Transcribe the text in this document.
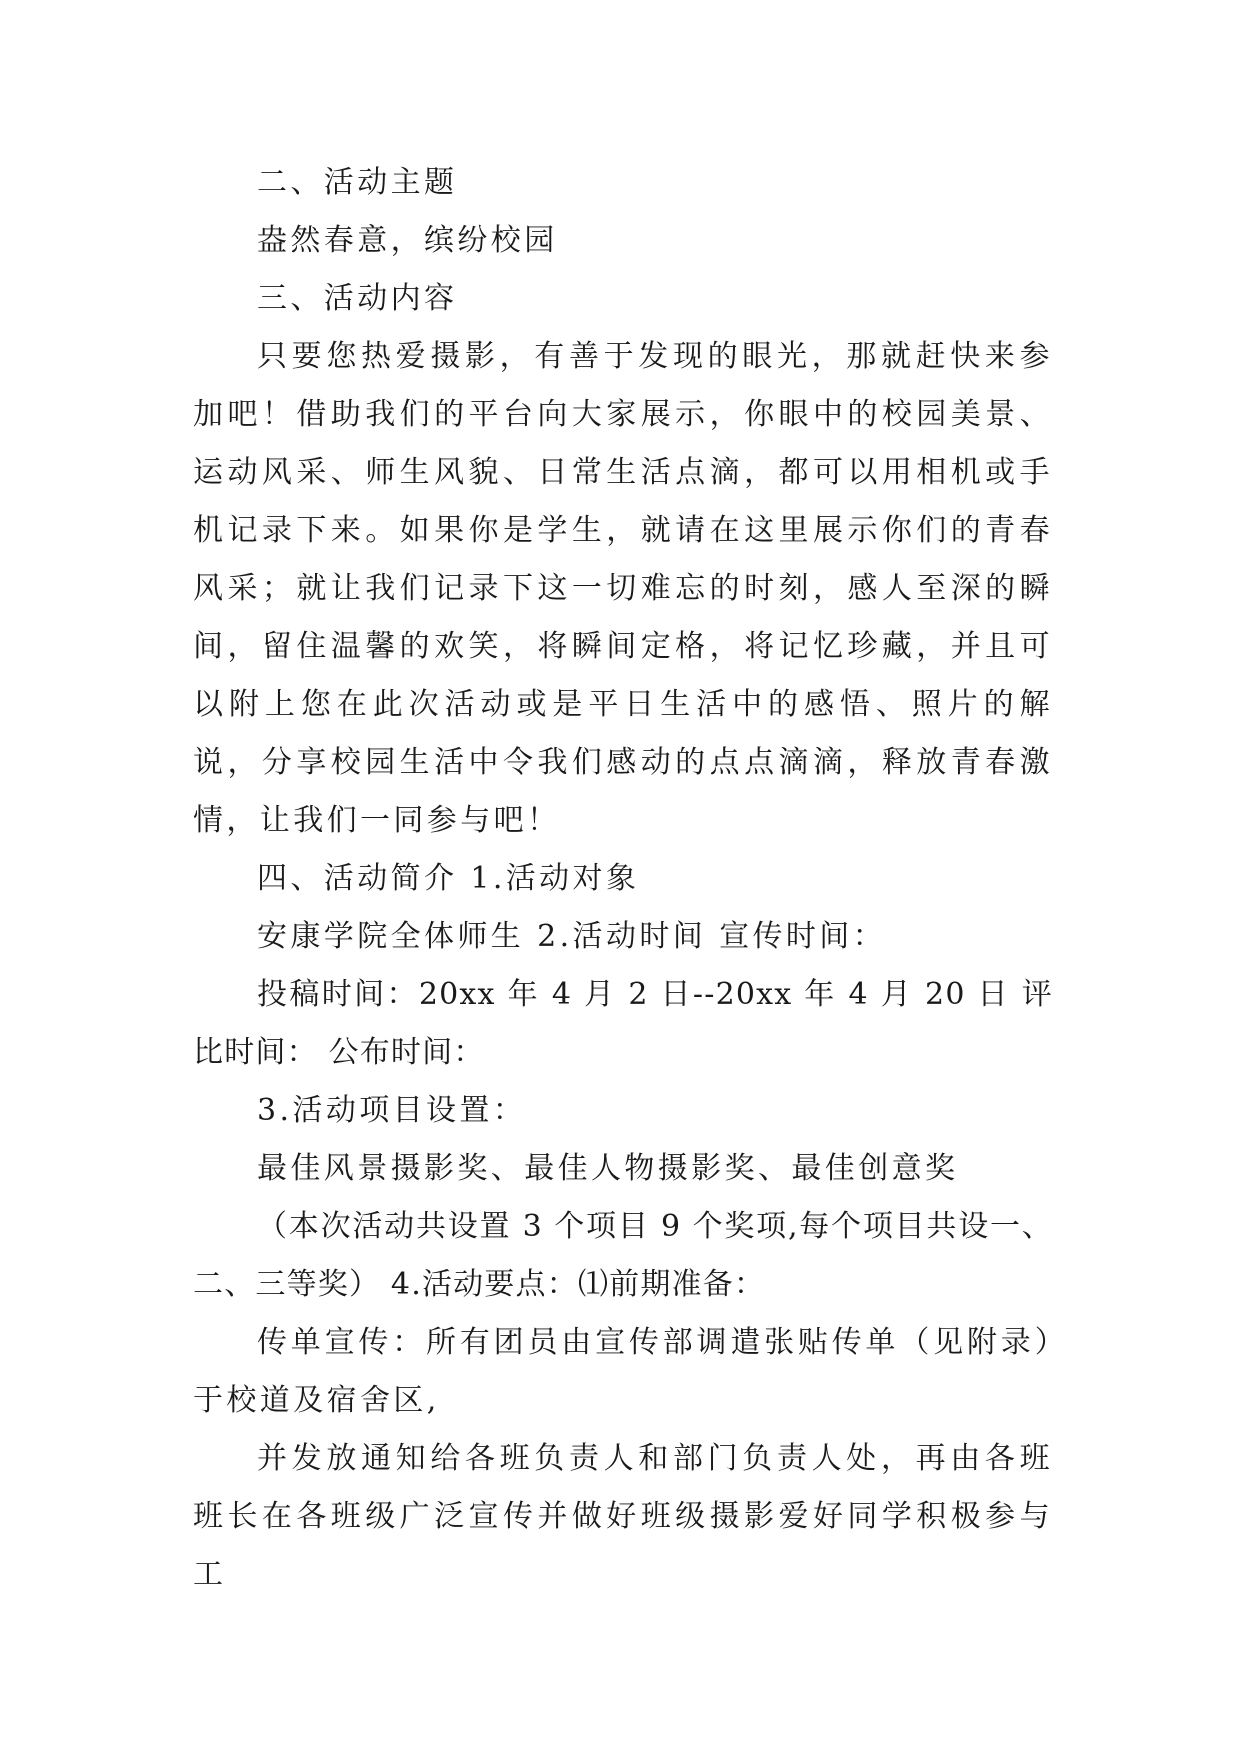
二、活动主题

盎然春意，缤纷校园

三、活动内容

只要您热爱摄影，有善于发现的眼光，那就赶快来参加吧！借助我们的平台向大家展示，你眼中的校园美景、运动风采、师生风貌、日常生活点滴，都可以用相机或手机记录下来。如果你是学生，就请在这里展示你们的青春风采；就让我们记录下这一切难忘的时刻，感人至深的瞬间，留住温馨的欢笑，将瞬间定格，将记忆珍藏，并且可以附上您在此次活动或是平日生活中的感悟、照片的解说，分享校园生活中令我们感动的点点滴滴，释放青春激情，让我们一同参与吧！

四、活动简介 1.活动对象

安康学院全体师生 2.活动时间 宣传时间：

投稿时间：20xx 年 4 月 2 日--20xx 年 4 月 20 日 评比时间： 公布时间：

3.活动项目设置：

最佳风景摄影奖、最佳人物摄影奖、最佳创意奖

（本次活动共设置 3 个项目 9 个奖项,每个项目共设一、二、三等奖） 4.活动要点：⑴前期准备：

传单宣传：所有团员由宣传部调遣张贴传单（见附录）于校道及宿舍区,

并发放通知给各班负责人和部门负责人处，再由各班班长在各班级广泛宣传并做好班级摄影爱好同学积极参与工
